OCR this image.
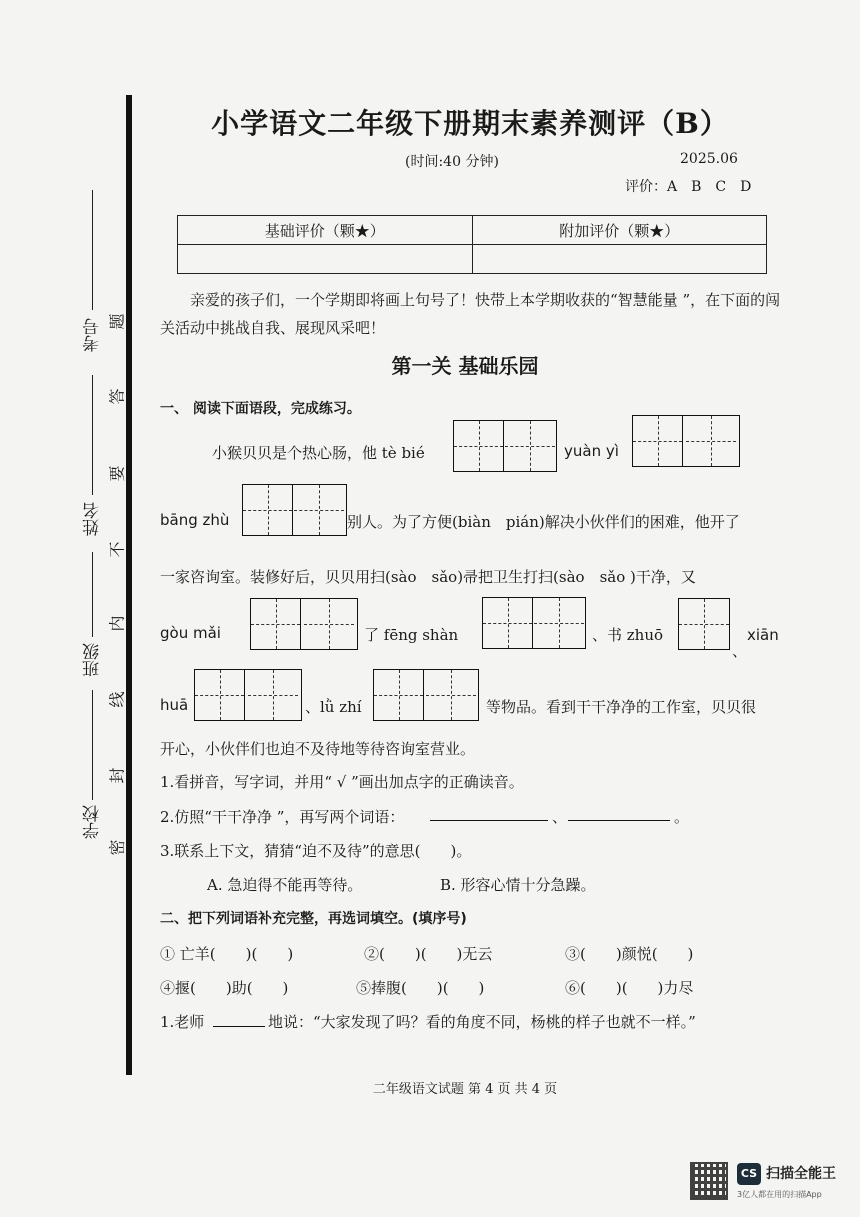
考号
姓名
班级
学校
题
答
要
不
内
线
封
密
小学语文二年级下册期末素养测评（B）
(时间:40 分钟)	2025.06
评价：A　B　C　D
基础评价（颗★）	附加评价（颗★）

亲爱的孩子们，一个学期即将画上句号了！快带上本学期收获的“智慧能量 ”，在下面的闯关活动中挑战自我、展现风采吧！
第一关 基础乐园
一、 阅读下面语段，完成练习。
小猴贝贝是个热心肠，他 tè bié	yuàn yì
bāng zhù	别人。为了方便(biàn　pián)解决小伙伴们的困难，他开了
一家咨询室。装修好后，贝贝用扫(sào　sǎo)帚把卫生打扫(sào　sǎo )干净，又
gòu mǎi	了 fēng shàn	、书 zhuō
、
xiān
huā	、lǜ zhí	等物品。看到干干净净的工作室，贝贝很
开心，小伙伴们也迫不及待地等待咨询室营业。
1.看拼音，写字词，并用“ √ ”画出加点字的正确读音。
2.仿照“干干净净 ”，再写两个词语：	、	。
3.联系上下文，猜猜“迫不及待”的意思(　　)。
A. 急迫得不能再等待。	B. 形容心情十分急躁。
二、把下列词语补充完整，再选词填空。(填序号)
① 亡羊(　　)(　　)	②(　　)(　　)无云	③(　　)颜悦(　　)
④揠(　　)助(　　)	⑤捧腹(　　)(　　)	⑥(　　)(　　)力尽
1.老师	地说：“大家发现了吗？看的角度不同，杨桃的样子也就不一样。”
二年级语文试题 第 4 页 共 4 页
CS 扫描全能王
3亿人都在用的扫描App
